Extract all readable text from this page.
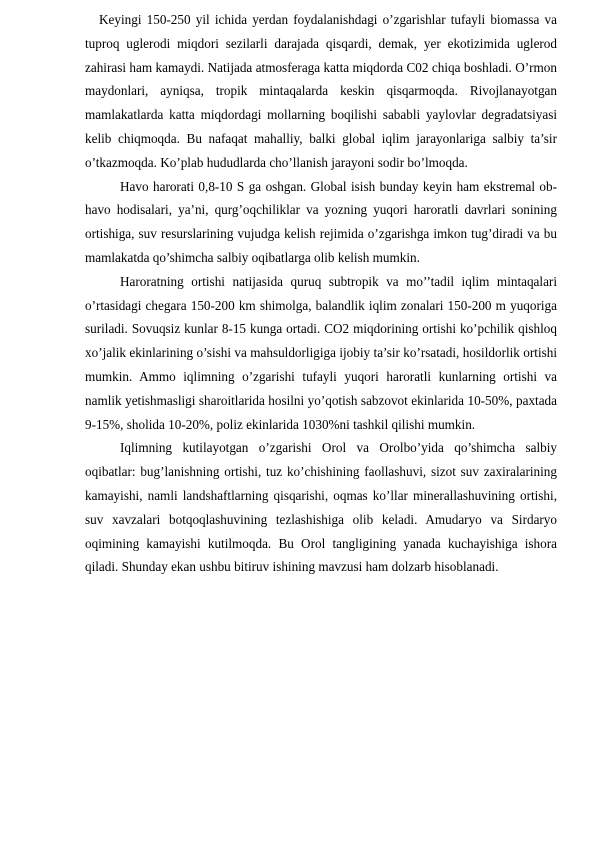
Keyingi 150-250 yil ichida yerdan foydalanishdagi o’zgarishlar tufayli biomassa va tuproq uglerodi miqdori sezilarli darajada qisqardi, demak, yer ekotizimida uglerod zahirasi ham kamaydi. Natijada atmosferaga katta miqdorda C02 chiqa boshladi. O’rmon maydonlari, ayniqsa, tropik mintaqalarda keskin qisqarmoqda. Rivojlanayotgan mamlakatlarda katta miqdordagi mollarning boqilishi sababli yaylovlar degradatsiyasi kelib chiqmoqda. Bu nafaqat mahalliy, balki global iqlim jarayonlariga salbiy ta’sir o’tkazmoqda. Ko’plab hududlarda cho’llanish jarayoni sodir bo’lmoqda.

Havo harorati 0,8-10 S ga oshgan. Global isish bunday keyin ham ekstremal ob-havo hodisalari, ya’ni, qurg’oqchiliklar va yozning yuqori haroratli davrlari sonining ortishiga, suv resurslarining vujudga kelish rejimida o’zgarishga imkon tug’diradi va bu mamlakatda qo’shimcha salbiy oqibatlarga olib kelish mumkin.

Haroratning ortishi natijasida quruq subtropik va mo’’tadil iqlim mintaqalari o’rtasidagi chegara 150-200 km shimolga, balandlik iqlim zonalari 150-200 m yuqoriga suriladi. Sovuqsiz kunlar 8-15 kunga ortadi. CO2 miqdorining ortishi ko’pchilik qishloq xo’jalik ekinlarining o’sishi va mahsuldorligiga ijobiy ta’sir ko’rsatadi, hosildorlik ortishi mumkin. Ammo iqlimning o’zgarishi tufayli yuqori haroratli kunlarning ortishi va namlik yetishmasligi sharoitlarida hosilni yo’qotish sabzovot ekinlarida 10-50%, paxtada 9-15%, sholida 10-20%, poliz ekinlarida 1030%ni tashkil qilishi mumkin.

Iqlimning kutilayotgan o’zgarishi Orol va Orolbo’yida qo’shimcha salbiy oqibatlar: bug’lanishning ortishi, tuz ko’chishining faollashuvi, sizot suv zaxiralarining kamayishi, namli landshaftlarning qisqarishi, oqmas ko’llar minerallashuvining ortishi, suv xavzalari botqoqlashuvining tezlashishiga olib keladi. Amudaryo va Sirdaryo oqimining kamayishi kutilmoqda. Bu Orol tangligining yanada kuchayishiga ishora qiladi. Shunday ekan ushbu bitiruv ishining mavzusi ham dolzarb hisoblanadi.
